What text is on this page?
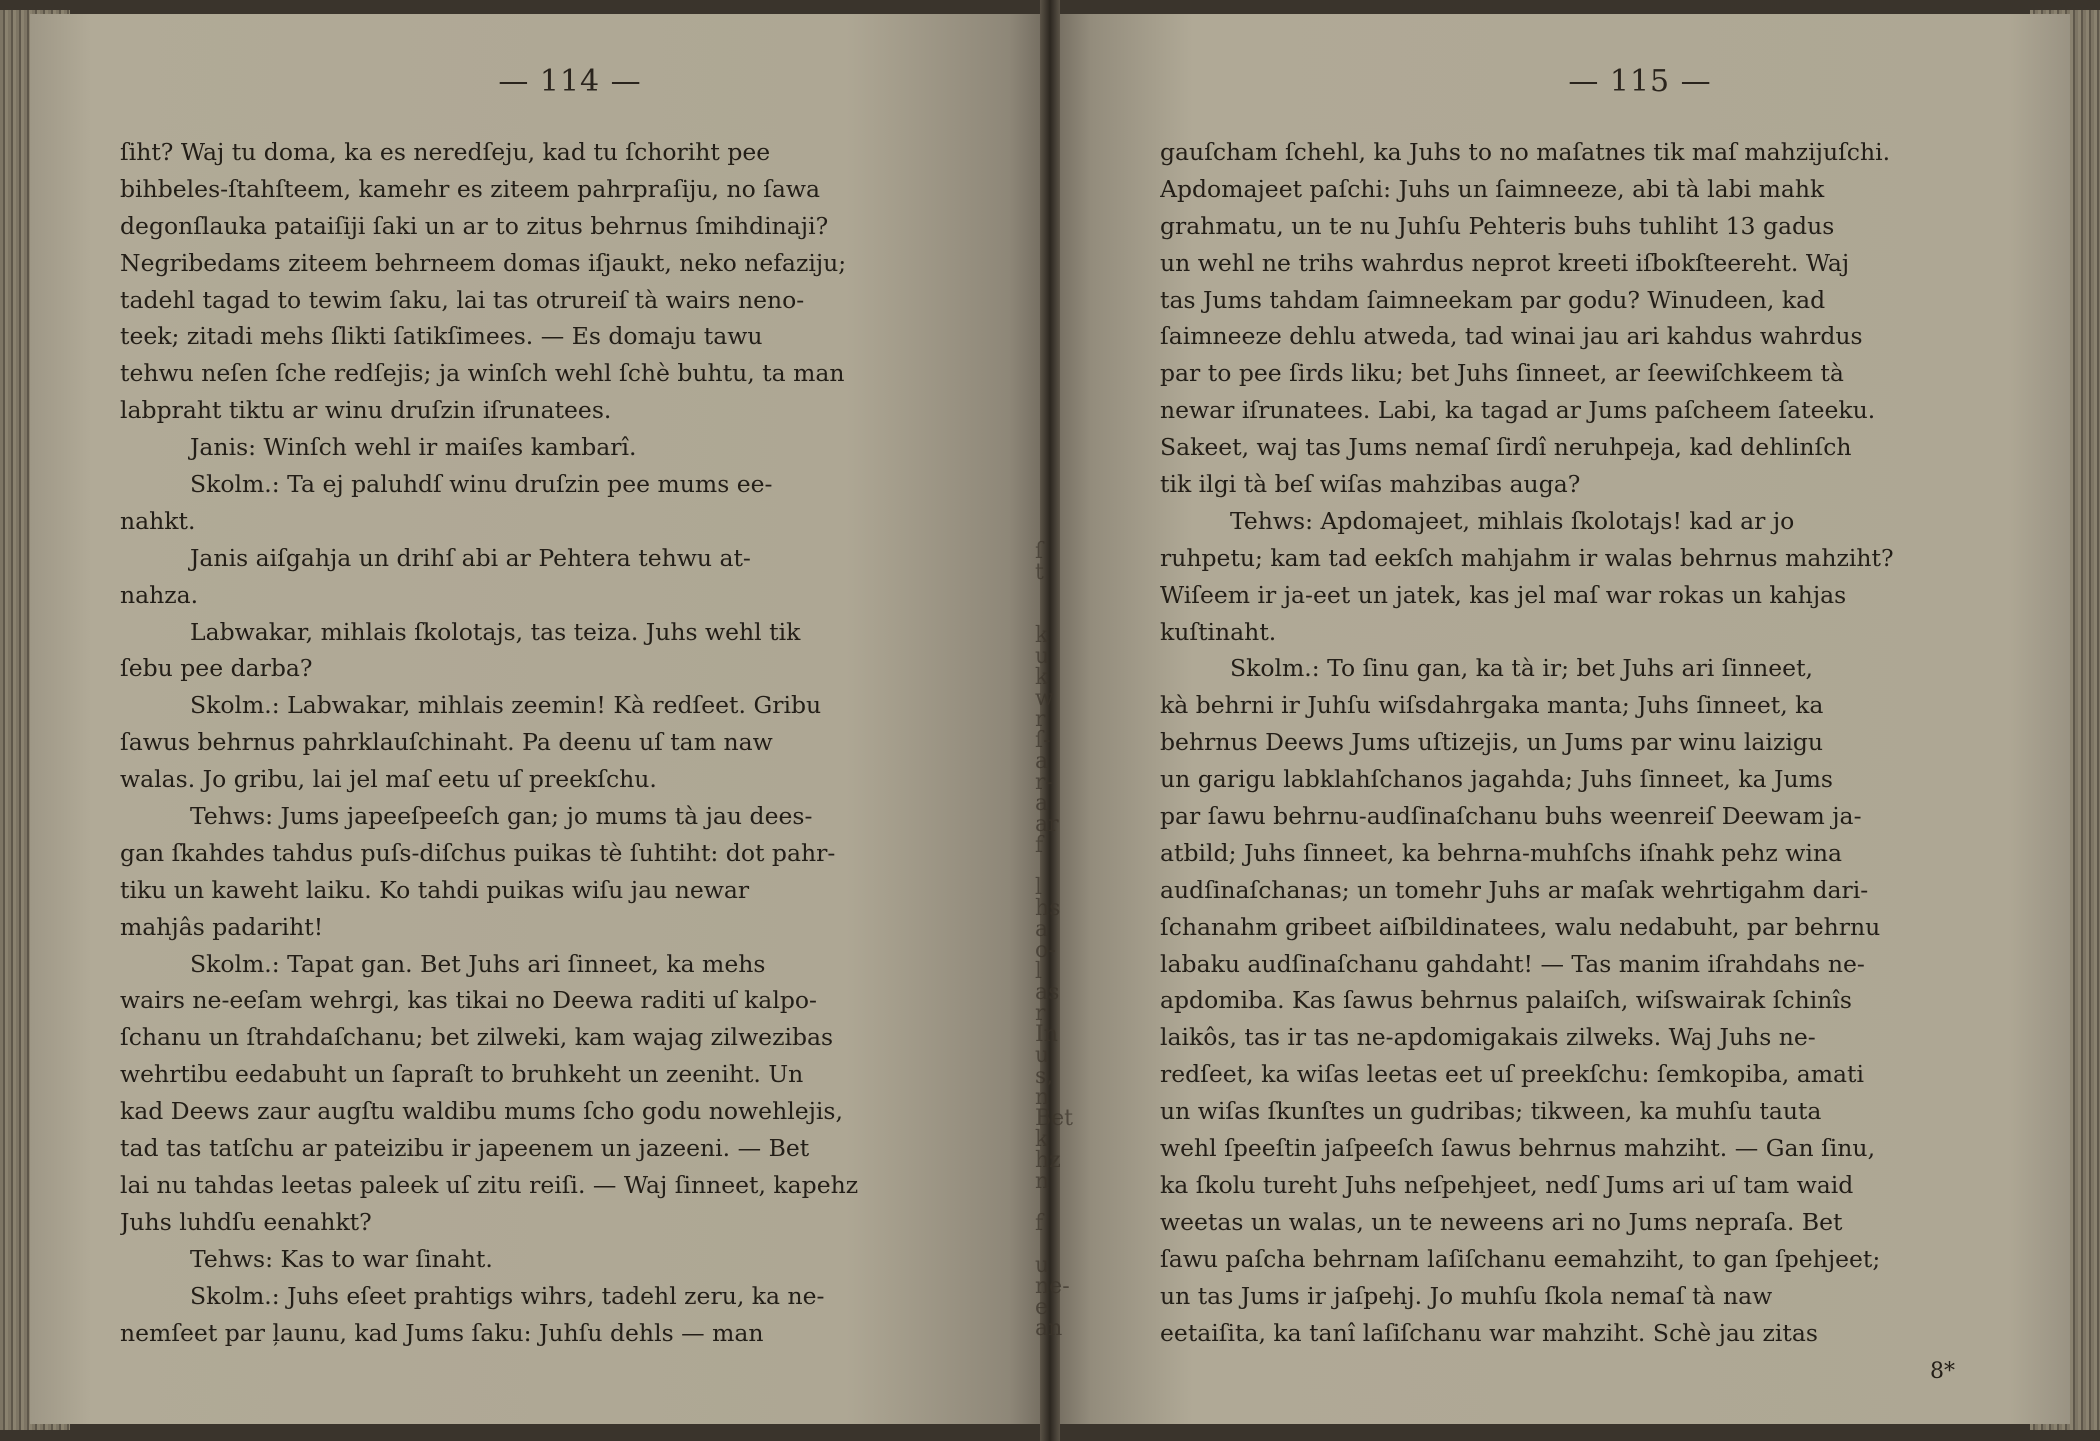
— 114 —
ſiht? Waj tu doma, ka es neredſeju, kad tu ſchoriht pee
bihbeles‑ſtahſteem, kamehr es ziteem pahrpraſiju, no ſawa
degonſlauka pataiſiji ſaki un ar to zitus behrnus ſmihdinaji?
Negribedams ziteem behrneem domas iſjaukt, neko nefaziju;
tadehl tagad to tewim ſaku, lai tas otrureiſ tà wairs neno‑
teek; zitadi mehs ſlikti ſatikſimees. — Es domaju tawu
tehwu neſen ſche redſejis; ja winſch wehl ſchè buhtu, ta man
labpraht tiktu ar winu druſzin iſrunatees.
Janis: Winſch wehl ir maiſes kambarî.
Skolm.: Ta ej paluhdſ winu druſzin pee mums ee‑
nahkt.
Janis aiſgahja un drihſ abi ar Pehtera tehwu at‑
nahza.
Labwakar, mihlais ſkolotajs, tas teiza. Juhs wehl tik
ſebu pee darba?
Skolm.: Labwakar, mihlais zeemin! Kà redſeet. Gribu
ſawus behrnus pahrklauſchinaht. Pa deenu uſ tam naw
walas. Jo gribu, lai jel maſ eetu uſ preekſchu.
Tehws: Jums japeeſpeeſch gan; jo mums tà jau dees‑
gan ſkahdes tahdus puſs‑diſchus puikas tè ſuhtiht: dot pahr‑
tiku un kaweht laiku. Ko tahdi puikas wiſu jau newar
mahjâs padariht!
Skolm.: Tapat gan. Bet Juhs ari ſinneet, ka mehs
wairs ne‑eeſam wehrgi, kas tikai no Deewa raditi uſ kalpo‑
ſchanu un ſtrahdaſchanu; bet zilweki, kam wajag zilwezibas
wehrtibu eedabuht un ſapraſt to bruhkeht un zeeniht. Un
kad Deews zaur augſtu waldibu mums ſcho godu nowehlejis,
tad tas tatſchu ar pateizibu ir japeenem un jazeeni. — Bet
lai nu tahdas leetas paleek uſ zitu reiſi. — Waj ſinneet, kapehz
Juhs luhdſu eenahkt?
Tehws: Kas to war ſinaht.
Skolm.: Juhs eſeet prahtigs wihrs, tadehl zeru, ka ne‑
nemſeet par ļaunu, kad Jums ſaku: Juhſu dehls — man
— 115 —
gauſcham ſchehl, ka Juhs to no maſatnes tik maſ mahzijuſchi.
Apdomajeet paſchi: Juhs un ſaimneeze, abi tà labi mahk
grahmatu, un te nu Juhſu Pehteris buhs tuhliht 13 gadus
un wehl ne trihs wahrdus neprot kreeti iſbokſteereht. Waj
tas Jums tahdam ſaimneekam par godu? Winudeen, kad
ſaimneeze dehlu atweda, tad winai jau ari kahdus wahrdus
par to pee ſirds liku; bet Juhs ſinneet, ar ſeewiſchkeem tà
newar iſrunatees. Labi, ka tagad ar Jums paſcheem ſateeku.
Sakeet, waj tas Jums nemaſ ſirdî neruhpeja, kad dehlinſch
tik ilgi tà beſ wiſas mahzibas auga?
Tehws: Apdomajeet, mihlais ſkolotajs! kad ar jo
ruhpetu; kam tad eekſch mahjahm ir walas behrnus mahziht?
Wiſeem ir ja‑eet un jatek, kas jel maſ war rokas un kahjas
kuſtinaht.
Skolm.: To ſinu gan, ka tà ir; bet Juhs ari ſinneet,
kà behrni ir Juhſu wiſsdahrgaka manta; Juhs ſinneet, ka
behrnus Deews Jums uſtizejis, un Jums par winu laizigu
un garigu labklahſchanos jagahda; Juhs ſinneet, ka Jums
par ſawu behrnu‑audſinaſchanu buhs weenreiſ Deewam ja‑
atbild; Juhs ſinneet, ka behrna‑muhſchs iſnahk pehz wina
audſinaſchanas; un tomehr Juhs ar maſak wehrtigahm dari‑
ſchanahm gribeet aiſbildinatees, walu nedabuht, par behrnu
labaku audſinaſchanu gahdaht! — Tas manim iſrahdahs ne‑
apdomiba. Kas ſawus behrnus palaiſch, wiſswairak ſchinîs
laikôs, tas ir tas ne‑apdomigakais zilweks. Waj Juhs ne‑
redſeet, ka wiſas leetas eet uſ preekſchu: ſemkopiba, amati
un wiſas ſkunſtes un gudribas; tikween, ka muhſu tauta
wehl ſpeeſtin jaſpeeſch ſawus behrnus mahziht. — Gan ſinu,
ka ſkolu tureht Juhs neſpehjeet, nedſ Jums ari uſ tam waid
weetas un walas, un te neweens ari no Jums nepraſa. Bet
ſawu paſcha behrnam laſiſchanu eemahziht, to gan ſpehjeet;
un tas Jums ir jaſpehj. Jo muhſu ſkola nemaſ tà naw
eetaiſita, ka tanî laſiſchanu war mahziht. Schè jau zitas
8*
ſ
t
k
u
k
w
r
ſ‑
a
r‑
a
ar
f
l
hs
a
o‑
l
as
r
In
u
s,
n
Bet
k
hz
n
f
u
ne‑
e
an
